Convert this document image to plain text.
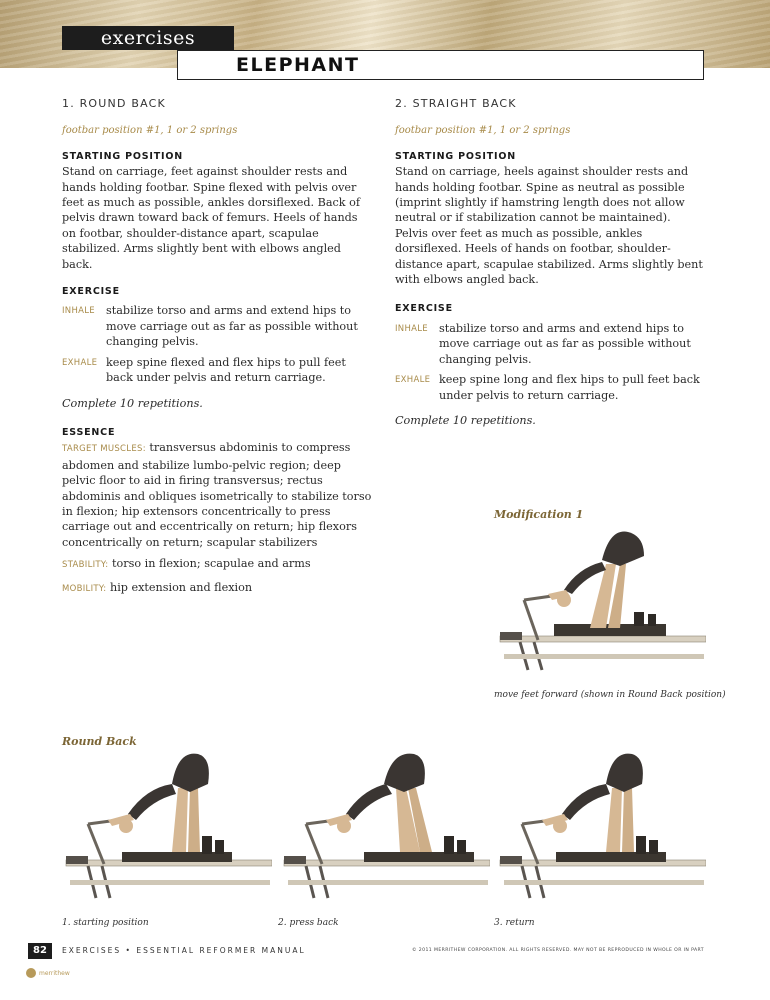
exercises
ELEPHANT
1. ROUND BACK
footbar position #1, 1 or 2 springs
STARTING POSITION

Stand on carriage, feet against shoulder rests and hands holding footbar. Spine flexed with pelvis over feet as much as possible, ankles dorsiflexed. Back of pelvis drawn toward back of femurs. Heels of hands on footbar, shoulder-distance apart, scapulae stabilized. Arms slightly bent with elbows angled back.

EXERCISE
INHALE stabilize torso and arms and extend hips to move carriage out as far as possible without changing pelvis.
EXHALE keep spine flexed and flex hips to pull feet back under pelvis and return carriage.
Complete 10 repetitions.
ESSENCE

TARGET MUSCLES: transversus abdominis to compress abdomen and stabilize lumbo-pelvic region; deep pelvic floor to aid in firing transversus; rectus abdominis and obliques isometrically to stabilize torso in flexion; hip extensors concentrically to press carriage out and eccentrically on return; hip flexors concentrically on return; scapular stabilizers

STABILITY: torso in flexion; scapulae and arms

MOBILITY: hip extension and flexion

2. STRAIGHT BACK
footbar position #1, 1 or 2 springs
STARTING POSITION

Stand on carriage, heels against shoulder rests and hands holding footbar. Spine as neutral as possible (imprint slightly if hamstring length does not allow neutral or if stabilization cannot be maintained). Pelvis over feet as much as possible, ankles dorsiflexed. Heels of hands on footbar, shoulder-distance apart, scapulae stabilized. Arms slightly bent with elbows angled back.

EXERCISE
INHALE stabilize torso and arms and extend hips to move carriage out as far as possible without changing pelvis.
EXHALE keep spine long and flex hips to pull feet back under pelvis to return carriage.
Complete 10 repetitions.
Modification 1
move feet forward (shown in Round Back position)
Round Back
1. starting position	2. press back	3. return
82	EXERCISES • ESSENTIAL REFORMER MANUAL	© 2011 MERRITHEW CORPORATION. ALL RIGHTS RESERVED. MAY NOT BE REPRODUCED IN WHOLE OR IN PART
merrithew
